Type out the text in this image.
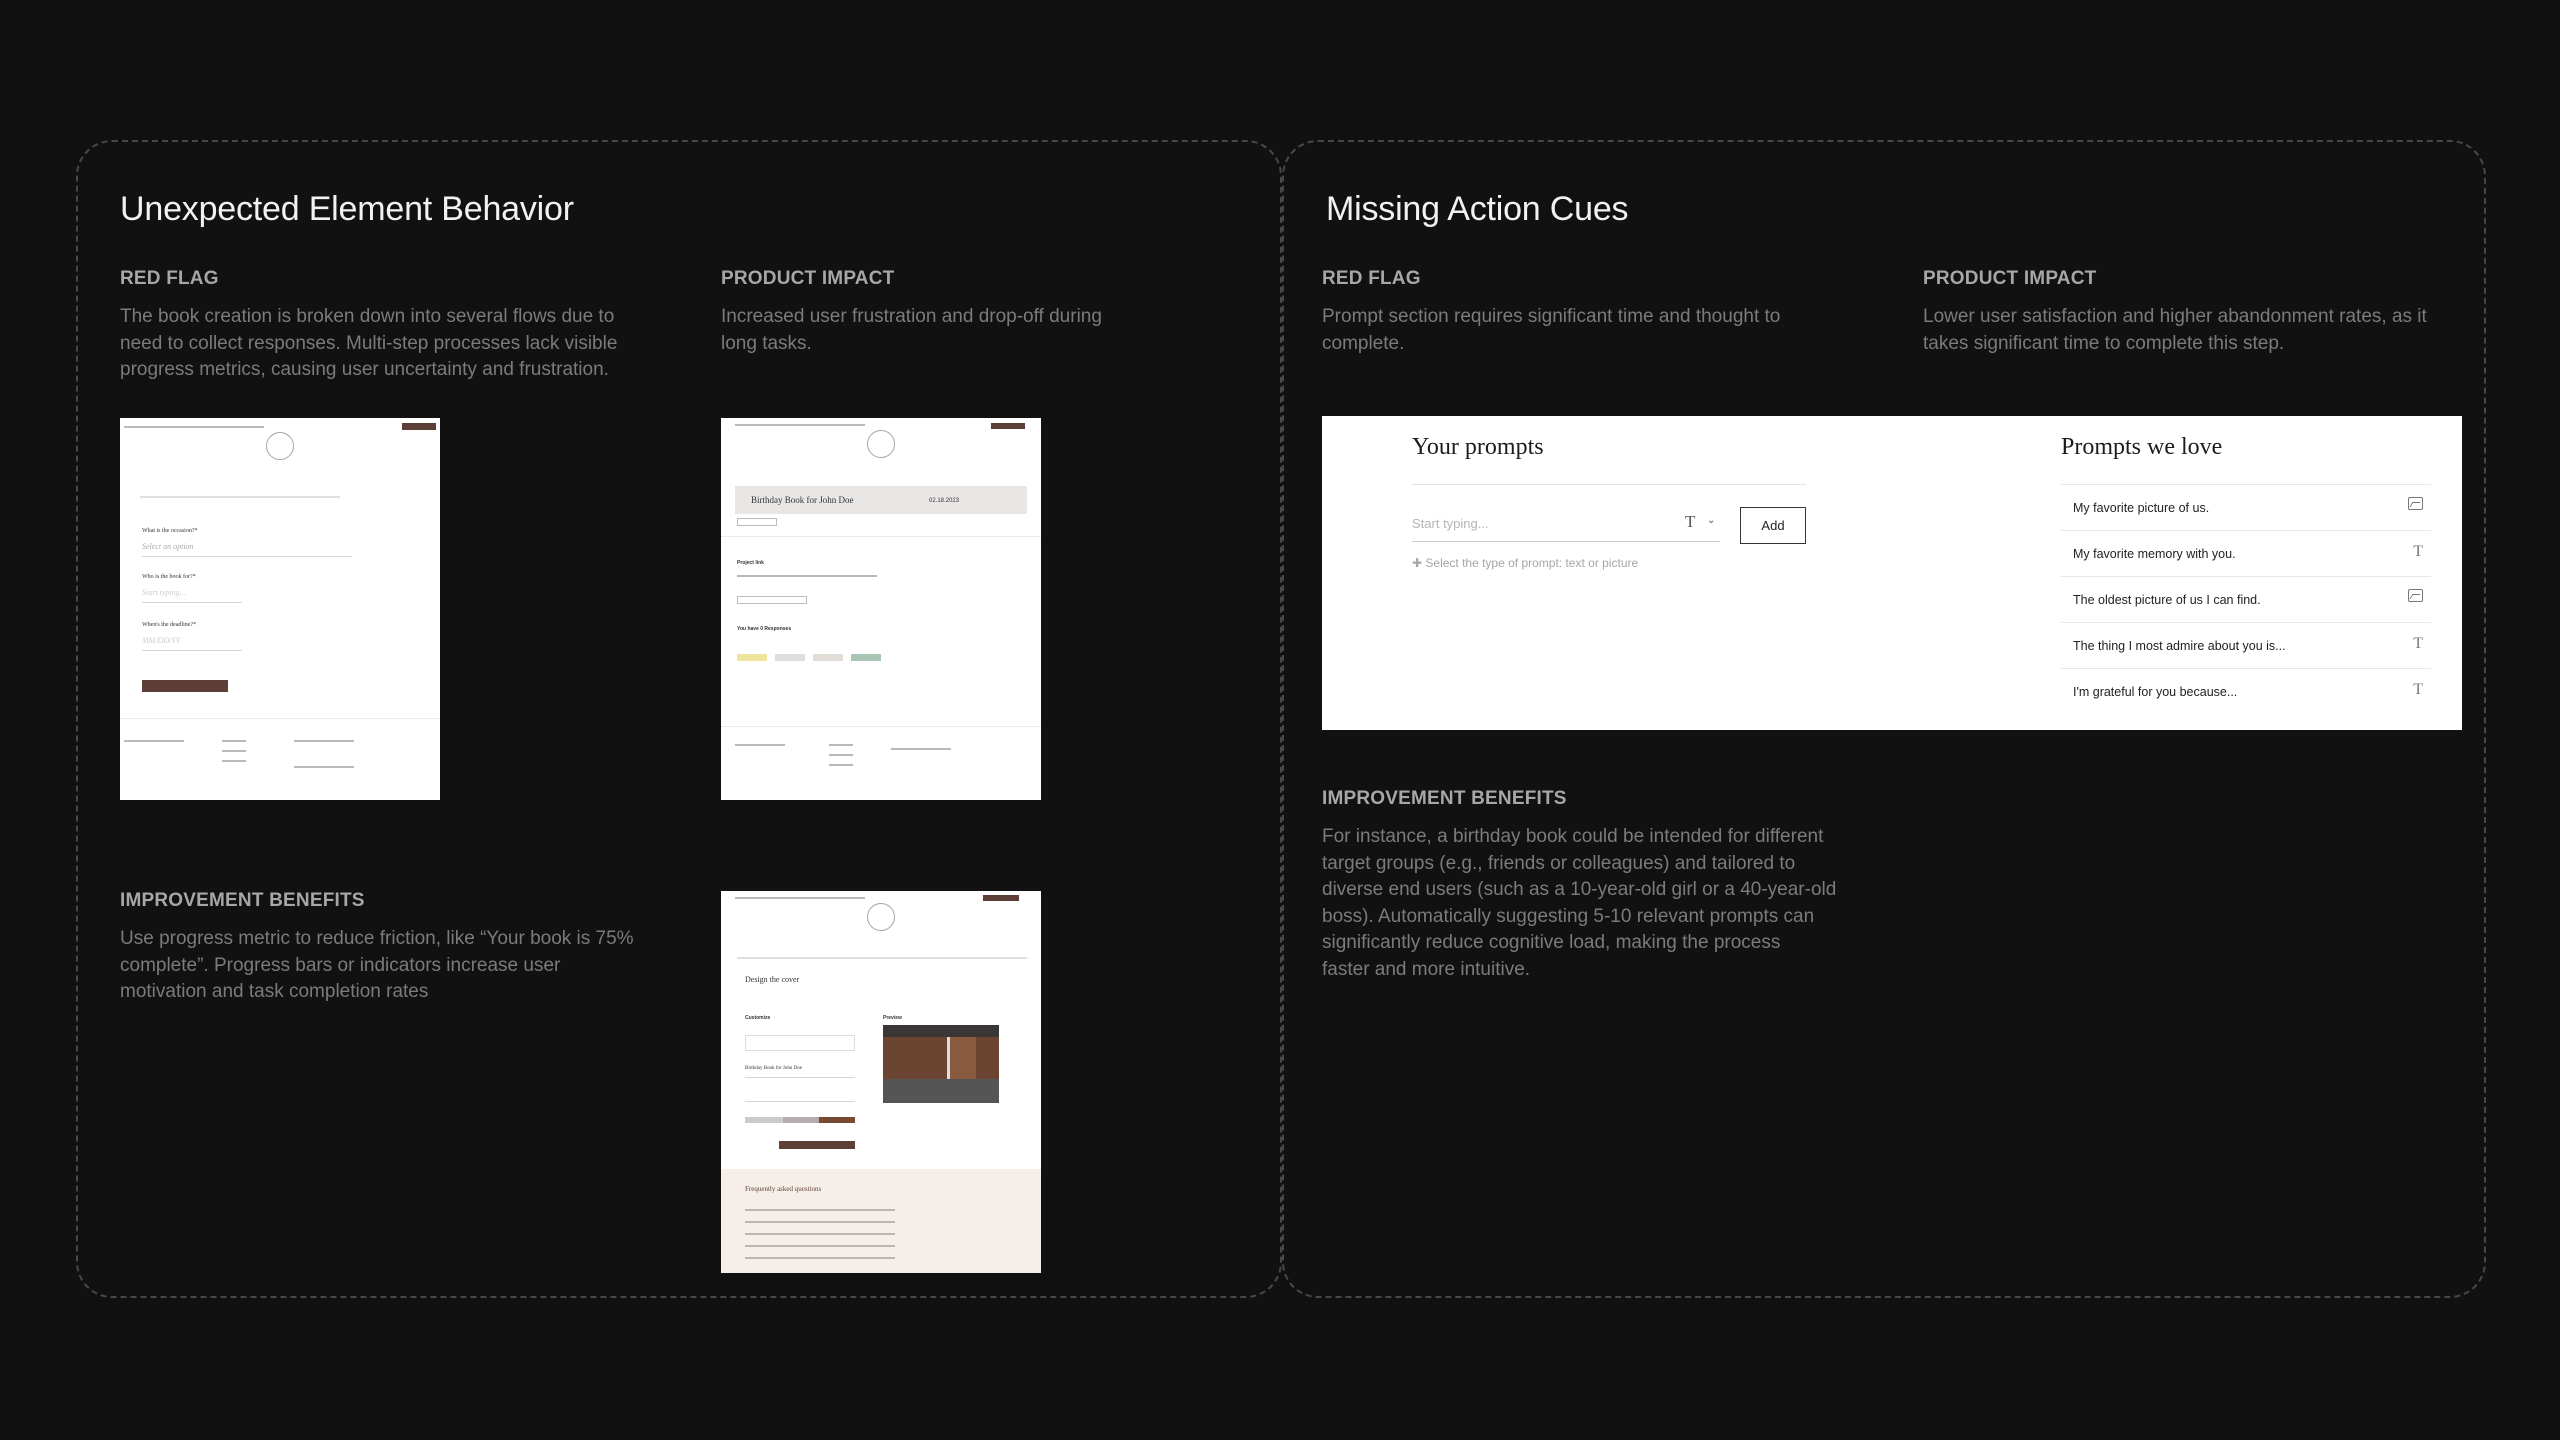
Unexpected Element Behavior
RED FLAG
The book creation is broken down into several flows due to
need to collect responses. Multi-step processes lack visible
progress metrics, causing user uncertainty and frustration.
PRODUCT IMPACT
Increased user frustration and drop-off during
long tasks.
IMPROVEMENT BENEFITS
Use progress metric to reduce friction, like “Your book is 75%
complete”. Progress bars or indicators increase user
motivation and task completion rates
What is the occasion?*
Select an option
Who is the book for?*
Start typing...
When's the deadline?*
MM/DD/YY
Birthday Book for John Doe	02.18.2023
Project link
You have 0 Responses
Design the cover
Customize	Preview
Birthday Book for John Doe
Frequently asked questions
Missing Action Cues
RED FLAG
Prompt section requires significant time and thought to
complete.
PRODUCT IMPACT
Lower user satisfaction and higher abandonment rates, as it
takes significant time to complete this step.
IMPROVEMENT BENEFITS
For instance, a birthday book could be intended for different
target groups (e.g., friends or colleagues) and tailored to
diverse end users (such as a 10-year-old girl or a 40-year-old
boss). Automatically suggesting 5-10 relevant prompts can
significantly reduce cognitive load, making the process
faster and more intuitive.
Your prompts
Start typing...	T ⌄	Add
✚ Select the type of prompt: text or picture
Prompts we love
My favorite picture of us.
My favorite memory with you.	T
The oldest picture of us I can find.
The thing I most admire about you is...	T
I'm grateful for you because...	T
